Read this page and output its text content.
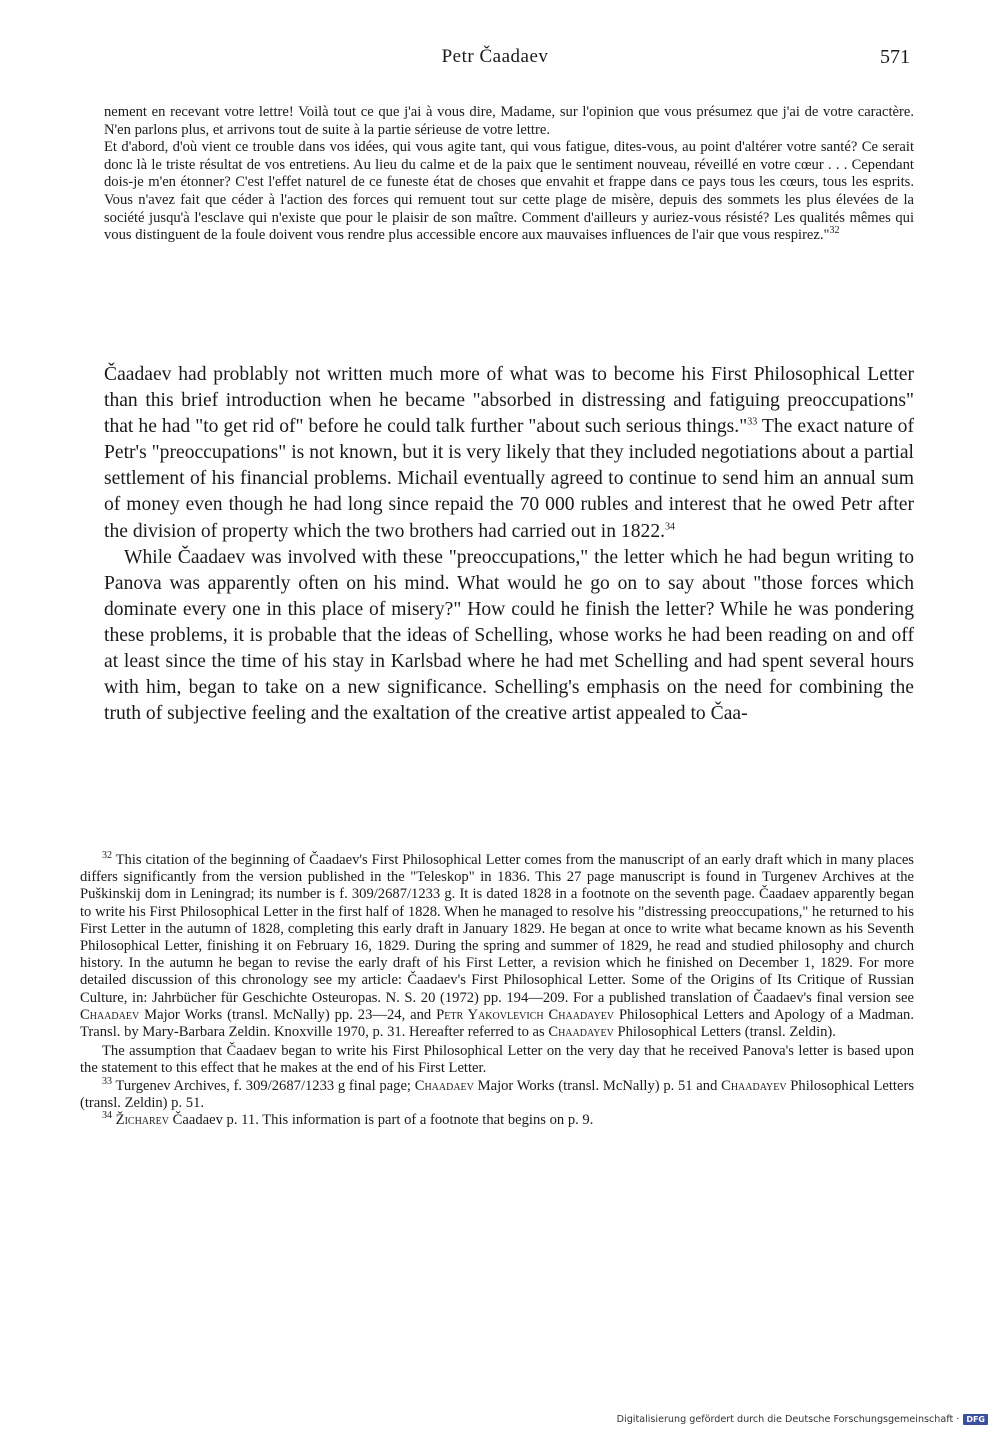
Petr Čaadaev	571

nement en recevant votre lettre! Voilà tout ce que j'ai à vous dire, Madame, sur l'opinion que vous présumez que j'ai de votre caractère. N'en parlons plus, et arrivons tout de suite à la partie sérieuse de votre lettre.

Et d'abord, d'où vient ce trouble dans vos idées, qui vous agite tant, qui vous fatigue, dites-vous, au point d'altérer votre santé? Ce serait donc là le triste résultat de vos entretiens. Au lieu du calme et de la paix que le sentiment nouveau, réveillé en votre cœur . . . Cependant dois-je m'en étonner? C'est l'effet naturel de ce funeste état de choses que envahit et frappe dans ce pays tous les cœurs, tous les esprits. Vous n'avez fait que céder à l'action des forces qui remuent tout sur cette plage de misère, depuis des sommets les plus élevées de la société jusqu'à l'esclave qui n'existe que pour le plaisir de son maître. Comment d'ailleurs y auriez-vous résisté? Les qualités mêmes qui vous distinguent de la foule doivent vous rendre plus accessible encore aux mauvaises influences de l'air que vous respirez."$^{32}$

Čaadaev had problably not written much more of what was to become his First Philosophical Letter than this brief introduction when he became "absorbed in distressing and fatiguing preoccupations" that he had "to get rid of" before he could talk further "about such serious things."$^{33}$ The exact nature of Petr's "preoccupations" is not known, but it is very likely that they included negotiations about a partial settlement of his financial problems. Michail eventually agreed to continue to send him an annual sum of money even though he had long since repaid the 70 000 rubles and interest that he owed Petr after the division of property which the two brothers had carried out in 1822.34

While Čaadaev was involved with these "preoccupations," the letter which he had begun writing to Panova was apparently often on his mind. What would he go on to say about "those forces which dominate every one in this place of misery?" How could he finish the letter? While he was pondering these problems, it is probable that the ideas of Schelling, whose works he had been reading on and off at least since the time of his stay in Karlsbad where he had met Schelling and had spent several hours with him, began to take on a new significance. Schelling's emphasis on the need for combining the truth of subjective feeling and the exaltation of the creative artist appealed to Čaa-

$^{32}$ This citation of the beginning of Čaadaev's First Philosophical Letter comes from the manuscript of an early draft which in many places differs significantly from the version published in the "Teleskop" in 1836. This 27 page manuscript is found in Turgenev Archives at the Puškinskij dom in Leningrad; its number is f. 309/2687/1233 g. It is dated 1828 in a footnote on the seventh page. Čaadaev apparently began to write his First Philosophical Letter in the first half of 1828. When he managed to resolve his "distressing preoccupations," he returned to his First Letter in the autumn of 1828, completing this early draft in January 1829. He began at once to write what became known as his Seventh Philosophical Letter, finishing it on February 16, 1829. During the spring and summer of 1829, he read and studied philosophy and church history. In the autumn he began to revise the early draft of his First Letter, a revision which he finished on December 1, 1829. For more detailed discussion of this chronology see my article: Čaadaev's First Philosophical Letter. Some of the Origins of Its Critique of Russian Culture, in: Jahrbücher für Geschichte Osteuropas. N. S. 20 (1972) pp. 194—209. For a published translation of Čaadaev's final version see Chaadaev Major Works (transl. McNally) pp. 23—24, and Petr Yakovlevich Chaadayev Philosophical Letters and Apology of a Madman. Transl. by Mary-Barbara Zeldin. Knoxville 1970, p. 31. Hereafter referred to as Chaadayev Philosophical Letters (transl. Zeldin).

The assumption that Čaadaev began to write his First Philosophical Letter on the very day that he received Panova's letter is based upon the statement to this effect that he makes at the end of his First Letter.

$^{33}$ Turgenev Archives, f. 309/2687/1233 g final page; Chaadaev Major Works (transl. McNally) p. 51 and Chaadayev Philosophical Letters (transl. Zeldin) p. 51.

$^{34}$ Žicharev Čaadaev p. 11. This information is part of a footnote that begins on p. 9.

Digitalisierung gefördert durch die Deutsche Forschungsgemeinschaft · DFG
